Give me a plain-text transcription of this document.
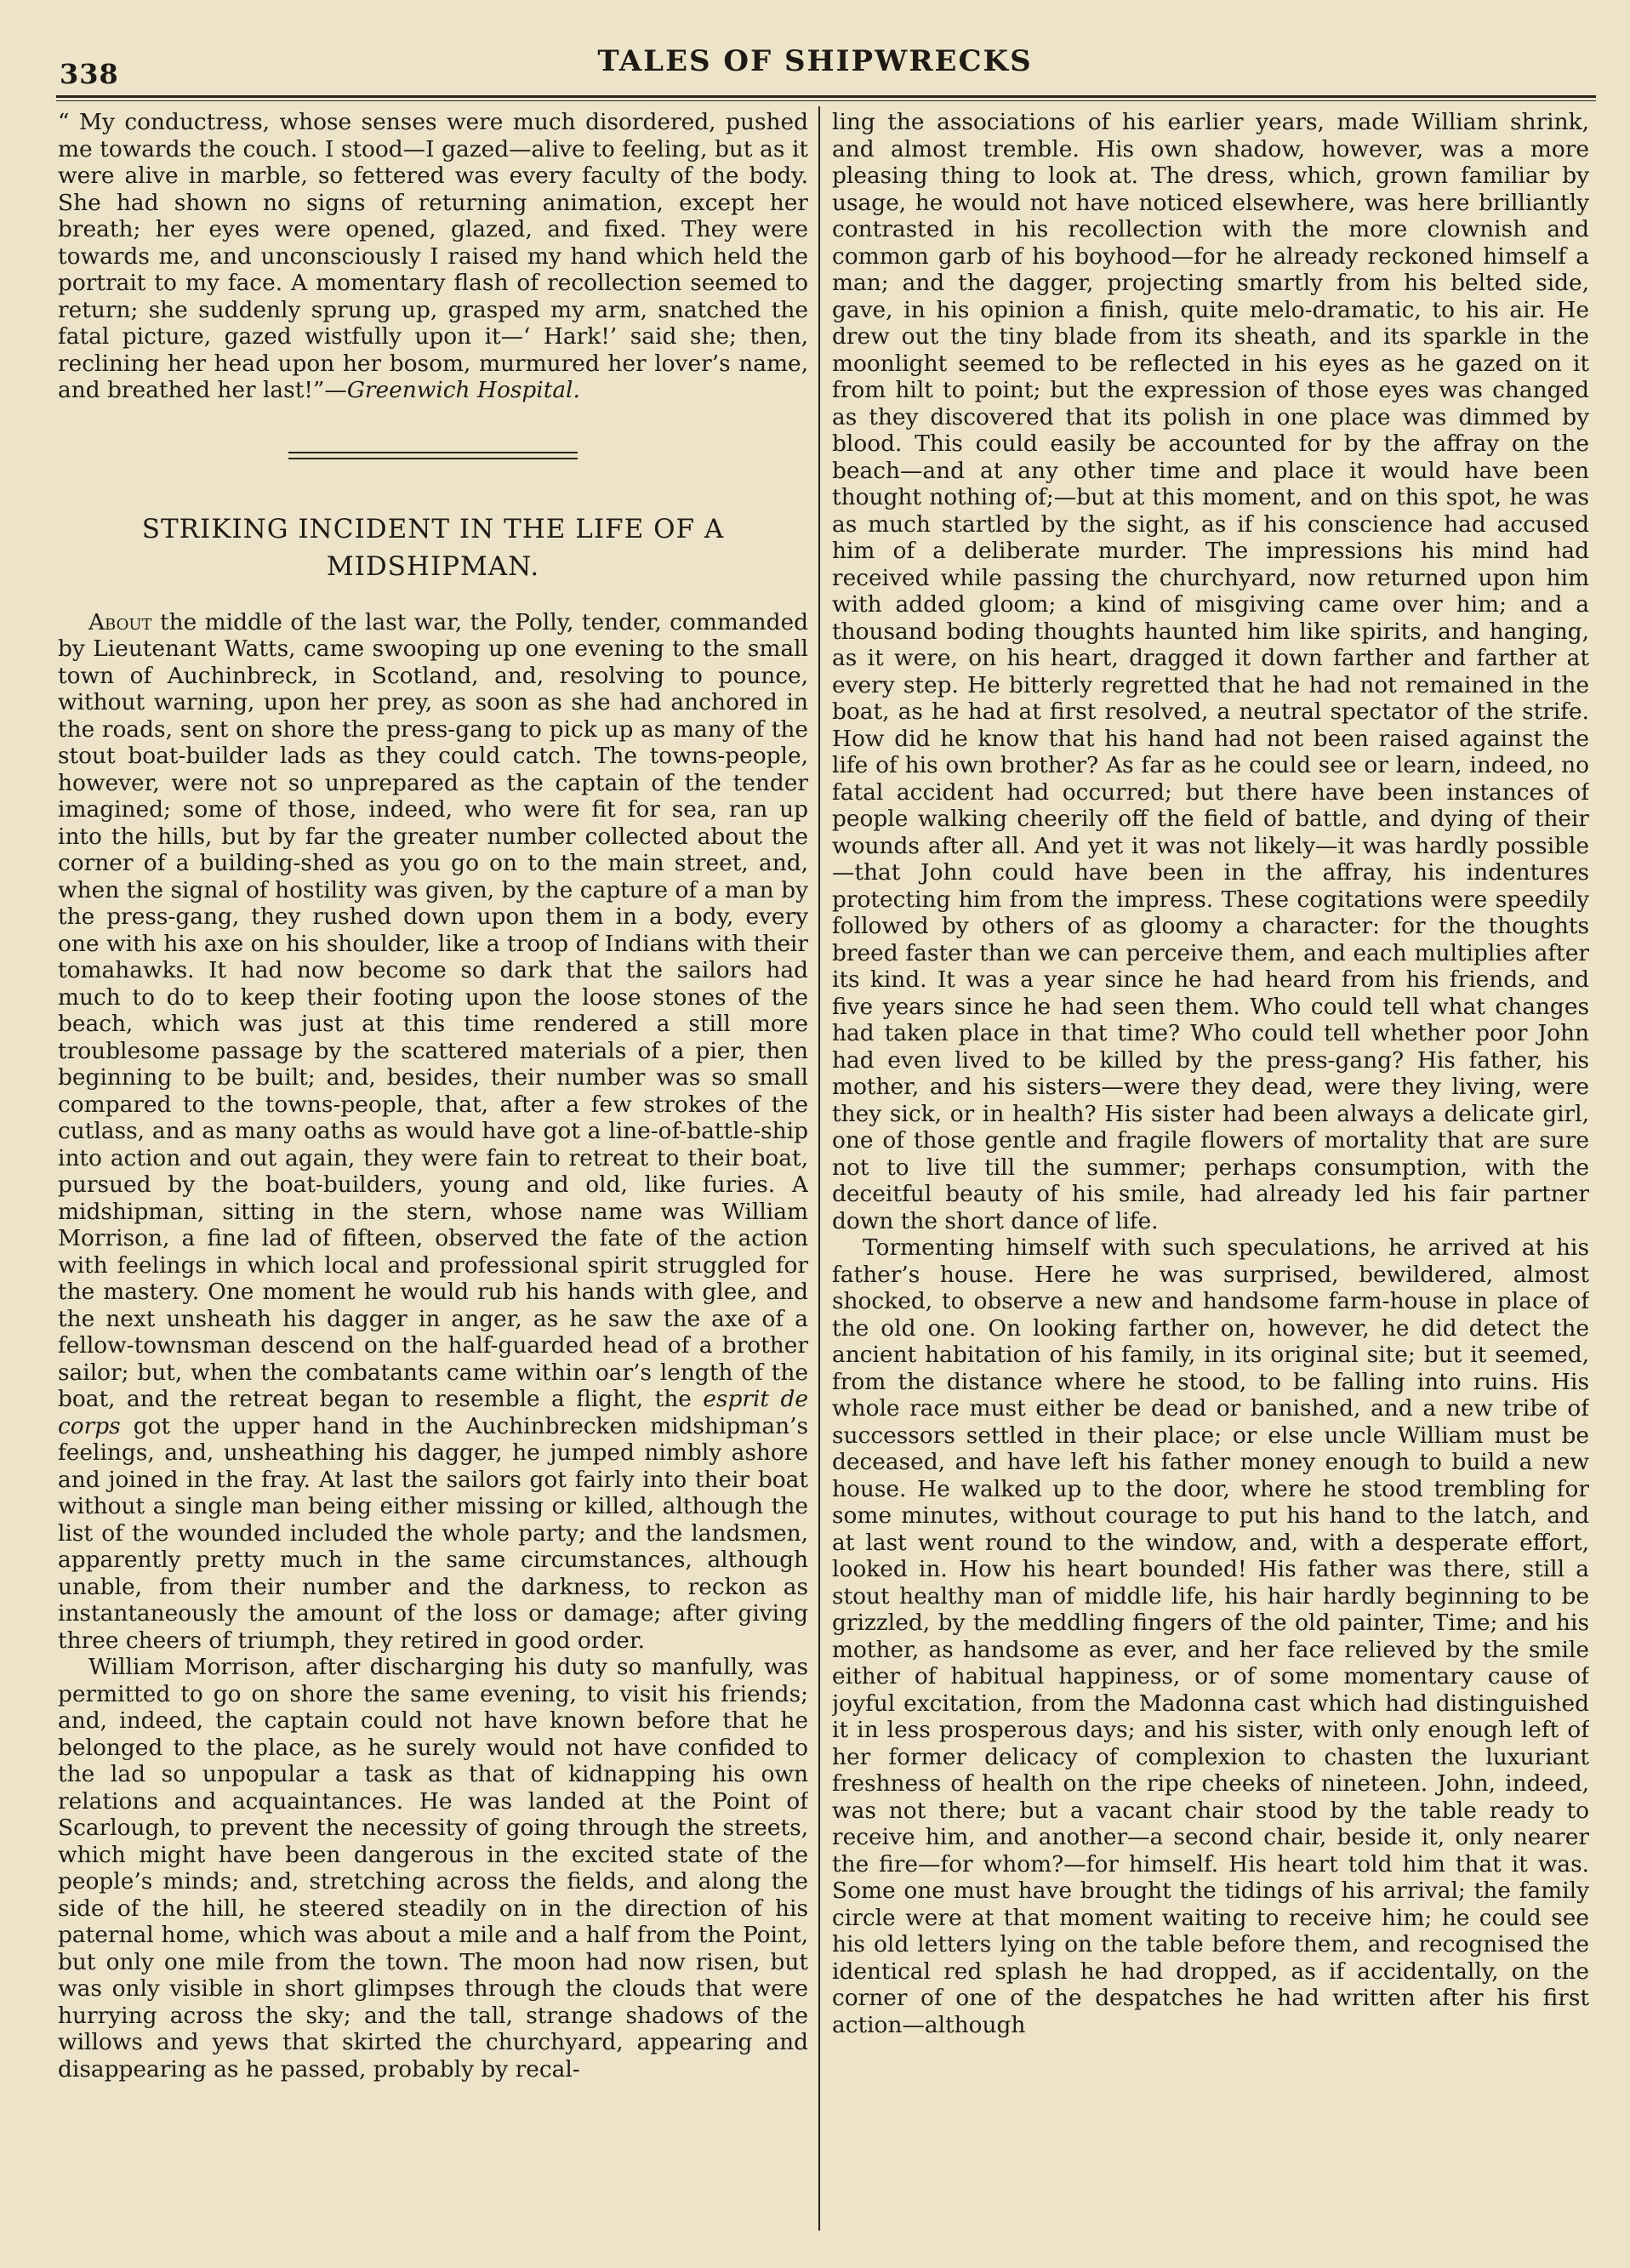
338	TALES OF SHIPWRECKS

“ My conductress, whose senses were much disordered, pushed me towards the couch. I stood—I gazed—alive to feeling, but as it were alive in marble, so fettered was every faculty of the body. She had shown no signs of returning animation, except her breath; her eyes were opened, glazed, and fixed. They were towards me, and unconsciously I raised my hand which held the portrait to my face. A momentary flash of recollection seemed to return; she suddenly sprung up, grasped my arm, snatched the fatal picture, gazed wistfully upon it—‘ Hark!’ said she; then, reclining her head upon her bosom, murmured her lover’s name, and breathed her last!”—Greenwich Hospital.

STRIKING INCIDENT IN THE LIFE OF A MIDSHIPMAN.

About the middle of the last war, the Polly, tender, commanded by Lieutenant Watts, came swooping up one evening to the small town of Auchinbreck, in Scotland, and, resolving to pounce, without warning, upon her prey, as soon as she had anchored in the roads, sent on shore the press-gang to pick up as many of the stout boat-builder lads as they could catch. The towns-people, however, were not so unprepared as the captain of the tender imagined; some of those, indeed, who were fit for sea, ran up into the hills, but by far the greater number collected about the corner of a building-shed as you go on to the main street, and, when the signal of hostility was given, by the capture of a man by the press-gang, they rushed down upon them in a body, every one with his axe on his shoulder, like a troop of Indians with their tomahawks. It had now become so dark that the sailors had much to do to keep their footing upon the loose stones of the beach, which was just at this time rendered a still more troublesome passage by the scattered materials of a pier, then beginning to be built; and, besides, their number was so small compared to the towns-people, that, after a few strokes of the cutlass, and as many oaths as would have got a line-of-battle-ship into action and out again, they were fain to retreat to their boat, pursued by the boat-builders, young and old, like furies. A midshipman, sitting in the stern, whose name was William Morrison, a fine lad of fifteen, observed the fate of the action with feelings in which local and professional spirit struggled for the mastery. One moment he would rub his hands with glee, and the next unsheath his dagger in anger, as he saw the axe of a fellow-townsman descend on the half-guarded head of a brother sailor; but, when the combatants came within oar’s length of the boat, and the retreat began to resemble a flight, the esprit de corps got the upper hand in the Auchinbrecken midshipman’s feelings, and, unsheathing his dagger, he jumped nimbly ashore and joined in the fray. At last the sailors got fairly into their boat without a single man being either missing or killed, although the list of the wounded included the whole party; and the landsmen, apparently pretty much in the same circumstances, although unable, from their number and the darkness, to reckon as instantaneously the amount of the loss or damage; after giving three cheers of triumph, they retired in good order.

William Morrison, after discharging his duty so manfully, was permitted to go on shore the same evening, to visit his friends; and, indeed, the captain could not have known before that he belonged to the place, as he surely would not have confided to the lad so unpopular a task as that of kidnapping his own relations and acquaintances. He was landed at the Point of Scarlough, to prevent the necessity of going through the streets, which might have been dangerous in the excited state of the people’s minds; and, stretching across the fields, and along the side of the hill, he steered steadily on in the direction of his paternal home, which was about a mile and a half from the Point, but only one mile from the town. The moon had now risen, but was only visible in short glimpses through the clouds that were hurrying across the sky; and the tall, strange shadows of the willows and yews that skirted the churchyard, appearing and disappearing as he passed, probably by recal-

ling the associations of his earlier years, made William shrink, and almost tremble. His own shadow, however, was a more pleasing thing to look at. The dress, which, grown familiar by usage, he would not have noticed elsewhere, was here brilliantly contrasted in his recollection with the more clownish and common garb of his boyhood—for he already reckoned himself a man; and the dagger, projecting smartly from his belted side, gave, in his opinion a finish, quite melo-dramatic, to his air. He drew out the tiny blade from its sheath, and its sparkle in the moonlight seemed to be reflected in his eyes as he gazed on it from hilt to point; but the expression of those eyes was changed as they discovered that its polish in one place was dimmed by blood. This could easily be accounted for by the affray on the beach—and at any other time and place it would have been thought nothing of;—but at this moment, and on this spot, he was as much startled by the sight, as if his conscience had accused him of a deliberate murder. The impressions his mind had received while passing the churchyard, now returned upon him with added gloom; a kind of misgiving came over him; and a thousand boding thoughts haunted him like spirits, and hanging, as it were, on his heart, dragged it down farther and farther at every step. He bitterly regretted that he had not remained in the boat, as he had at first resolved, a neutral spectator of the strife. How did he know that his hand had not been raised against the life of his own brother? As far as he could see or learn, indeed, no fatal accident had occurred; but there have been instances of people walking cheerily off the field of battle, and dying of their wounds after all. And yet it was not likely—it was hardly possible—that John could have been in the affray, his indentures protecting him from the impress. These cogitations were speedily followed by others of as gloomy a character: for the thoughts breed faster than we can perceive them, and each multiplies after its kind. It was a year since he had heard from his friends, and five years since he had seen them. Who could tell what changes had taken place in that time? Who could tell whether poor John had even lived to be killed by the press-gang? His father, his mother, and his sisters—were they dead, were they living, were they sick, or in health? His sister had been always a delicate girl, one of those gentle and fragile flowers of mortality that are sure not to live till the summer; perhaps consumption, with the deceitful beauty of his smile, had already led his fair partner down the short dance of life.

Tormenting himself with such speculations, he arrived at his father’s house. Here he was surprised, bewildered, almost shocked, to observe a new and handsome farm-house in place of the old one. On looking farther on, however, he did detect the ancient habitation of his family, in its original site; but it seemed, from the distance where he stood, to be falling into ruins. His whole race must either be dead or banished, and a new tribe of successors settled in their place; or else uncle William must be deceased, and have left his father money enough to build a new house. He walked up to the door, where he stood trembling for some minutes, without courage to put his hand to the latch, and at last went round to the window, and, with a desperate effort, looked in. How his heart bounded! His father was there, still a stout healthy man of middle life, his hair hardly beginning to be grizzled, by the meddling fingers of the old painter, Time; and his mother, as handsome as ever, and her face relieved by the smile either of habitual happiness, or of some momentary cause of joyful excitation, from the Madonna cast which had distinguished it in less prosperous days; and his sister, with only enough left of her former delicacy of complexion to chasten the luxuriant freshness of health on the ripe cheeks of nineteen. John, indeed, was not there; but a vacant chair stood by the table ready to receive him, and another—a second chair, beside it, only nearer the fire—for whom?—for himself. His heart told him that it was. Some one must have brought the tidings of his arrival; the family circle were at that moment waiting to receive him; he could see his old letters lying on the table before them, and recognised the identical red splash he had dropped, as if accidentally, on the corner of one of the despatches he had written after his first action—although
